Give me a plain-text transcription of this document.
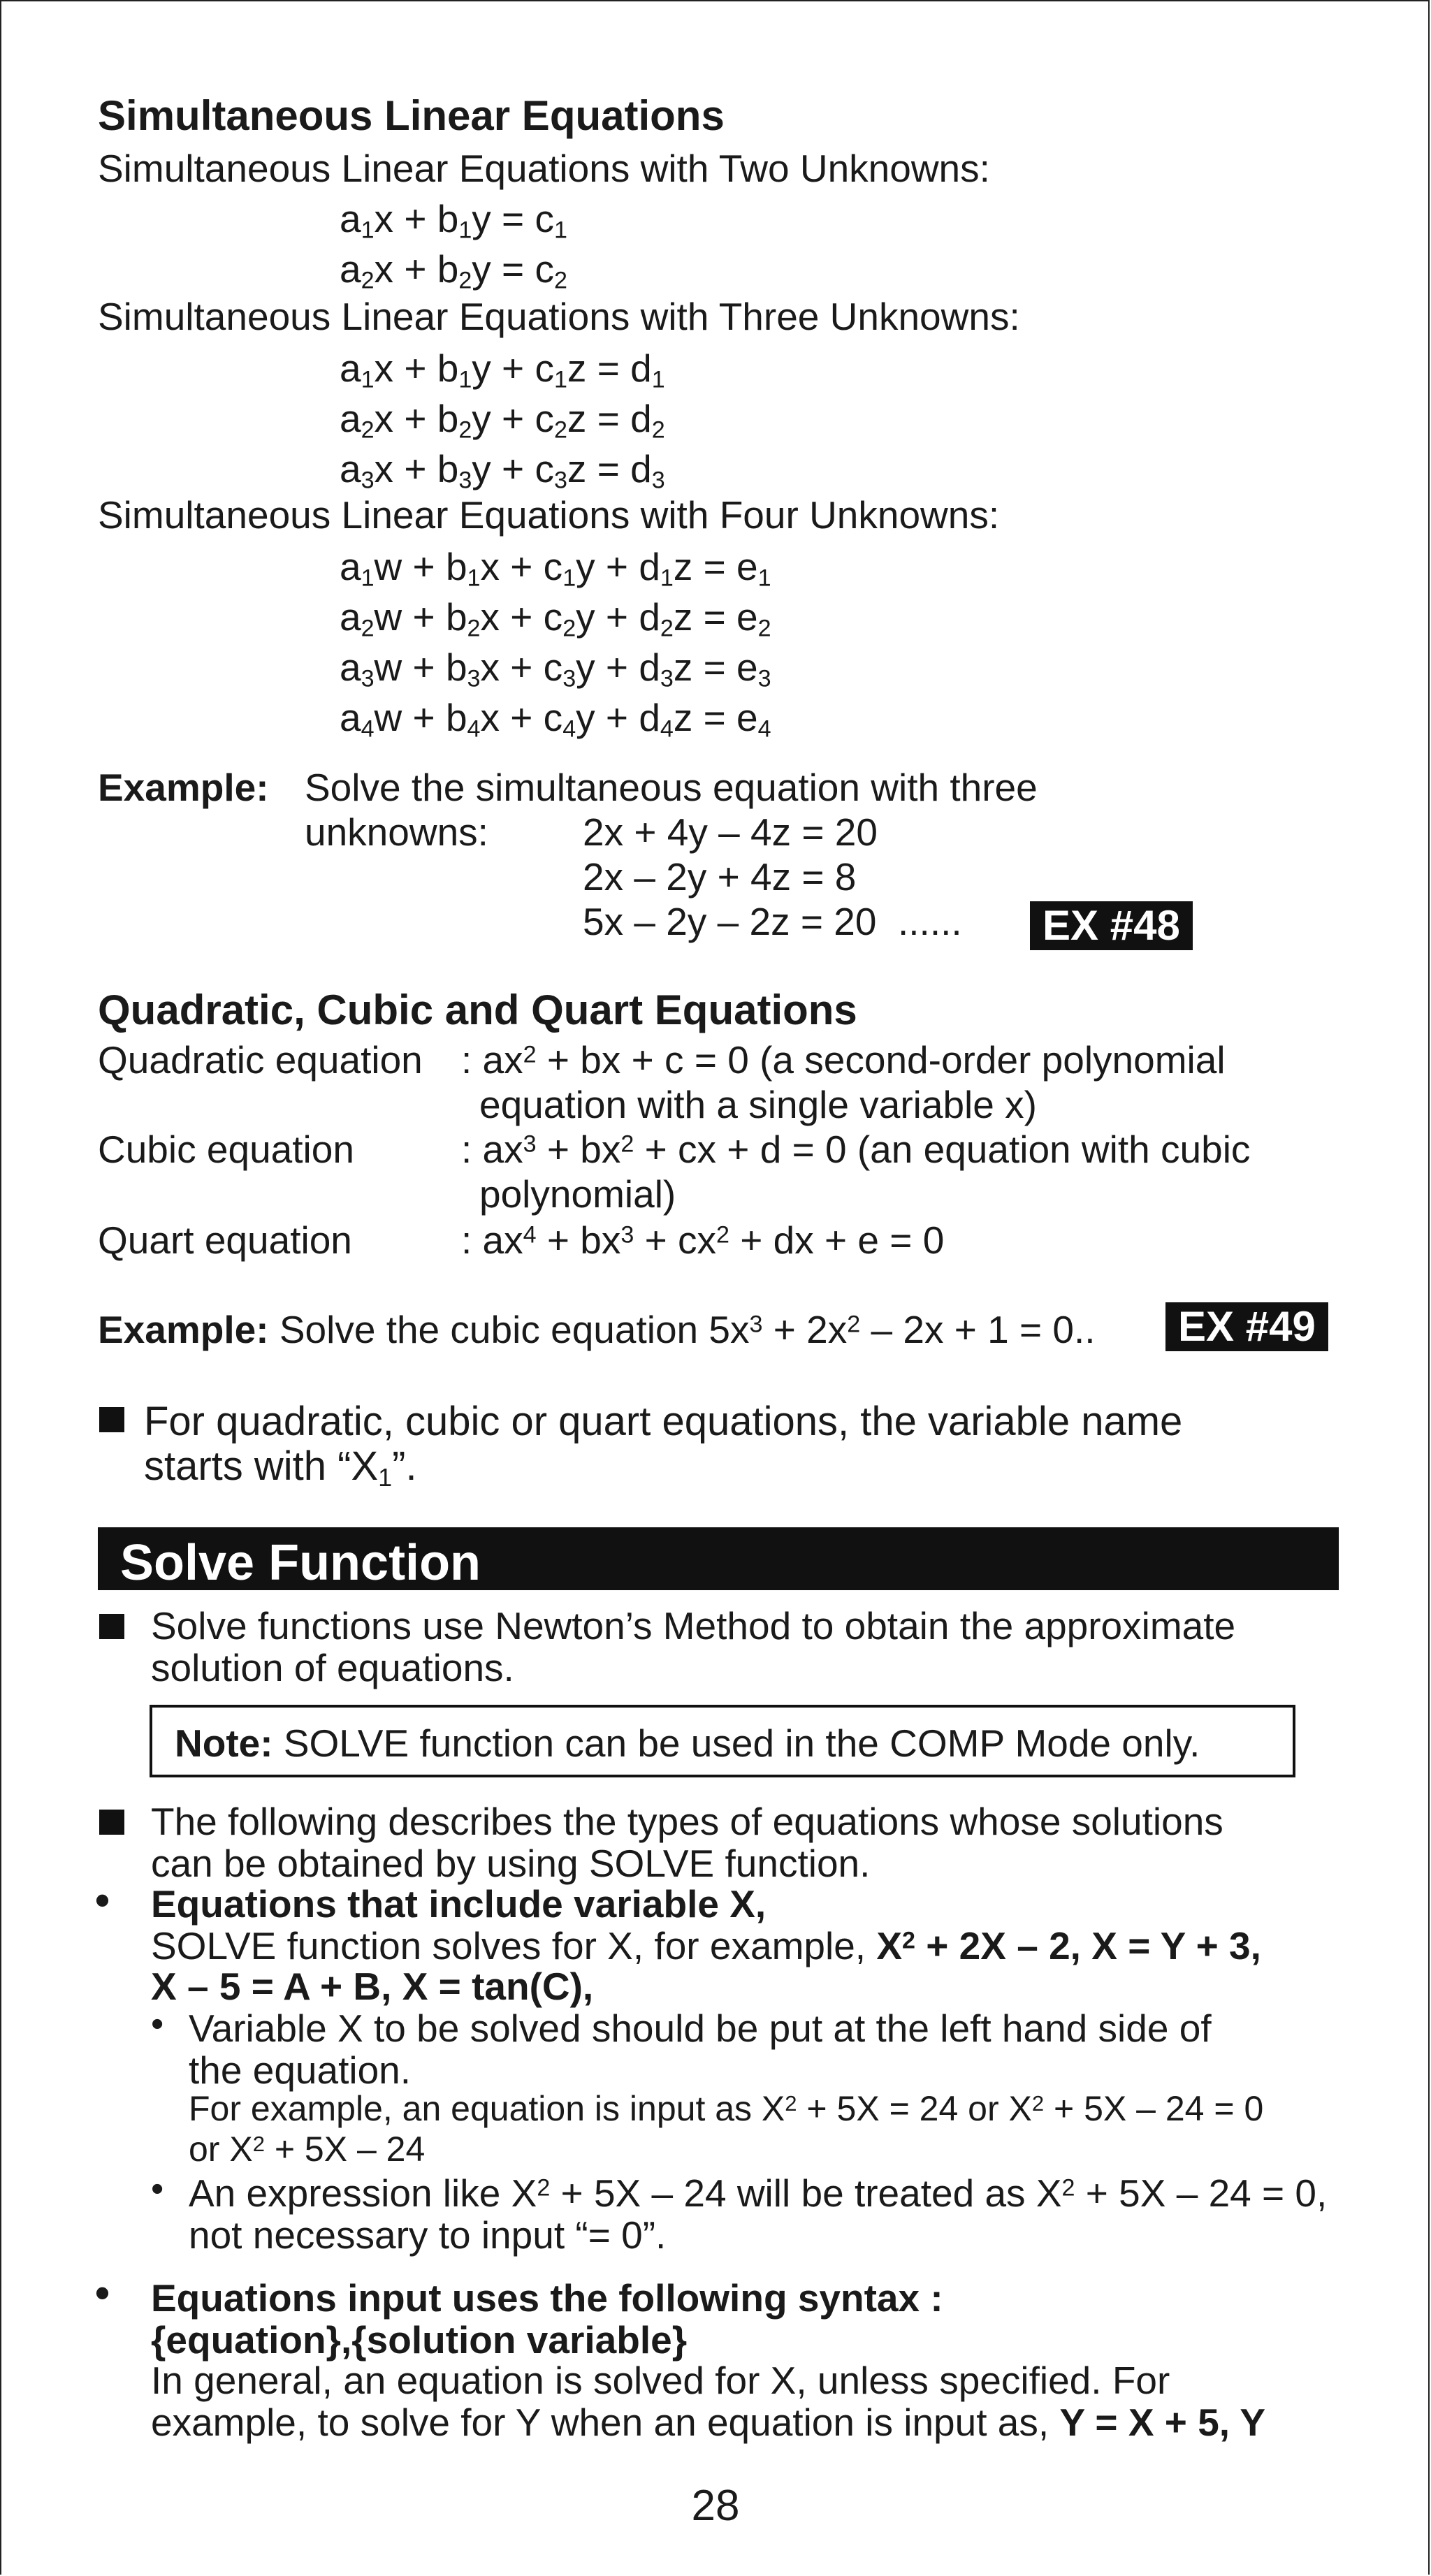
Simultaneous Linear Equations
Simultaneous Linear Equations with Two Unknowns:
$a_1x + b_1y = c_1$
$a_2x + b_2y = c_2$
Simultaneous Linear Equations with Three Unknowns:
$a_1x + b_1y + c_1z = d_1$
$a_2x + b_2y + c_2z = d_2$
$a_3x + b_3y + c_3z = d_3$
Simultaneous Linear Equations with Four Unknowns:
$a_1w + b_1x + c_1y + d_1z = e_1$
$a_2w + b_2x + c_2y + d_2z = e_2$
$a_3w + b_3x + c_3y + d_3z = e_3$
$a_4w + b_4x + c_4y + d_4z = e_4$
Example: Solve the simultaneous equation with three
unknowns: 2x + 4y – 4z = 20
2x – 2y + 4z = 8
5x – 2y – 2z = 20  ......	EX #48
Quadratic, Cubic and Quart Equations
Quadratic equation : $ax^2$ + bx + c = 0 (a second-order polynomial
equation with a single variable x)
Cubic equation	: $ax^3 + bx^2$ + cx + d = 0 (an equation with cubic
polynomial)
Quart equation	: $ax^4 + bx^3 + cx^2$ + dx + e = 0
Example: Solve the cubic equation $5x^3 + 2x^2 - 2x + 1 = 0$..	EX #49
For quadratic, cubic or quart equations, the variable name
starts with “$X_1$”.
Solve Function
Solve functions use Newton’s Method to obtain the approximate
solution of equations.
Note: SOLVE function can be used in the COMP Mode only.
The following describes the types of equations whose solutions
can be obtained by using SOLVE function.
• Equations that include variable X,
SOLVE function solves for X, for example, $X^2 + 2X - 2$, X = Y + 3,
X – 5 = A + B, X = tan(C),
• Variable X to be solved should be put at the left hand side of
the equation.
For example, an equation is input as $X^2 + 5X = 24$ or $X^2 + 5X - 24 = 0$
or $X^2 + 5X - 24$
• An expression like $X^2 + 5X - 24$ will be treated as $X^2 + 5X - 24 = 0$,
not necessary to input “= 0”.
• Equations input uses the following syntax :
{equation},{solution variable}
In general, an equation is solved for X, unless specified. For
example, to solve for Y when an equation is input as, Y = X + 5, Y
28
